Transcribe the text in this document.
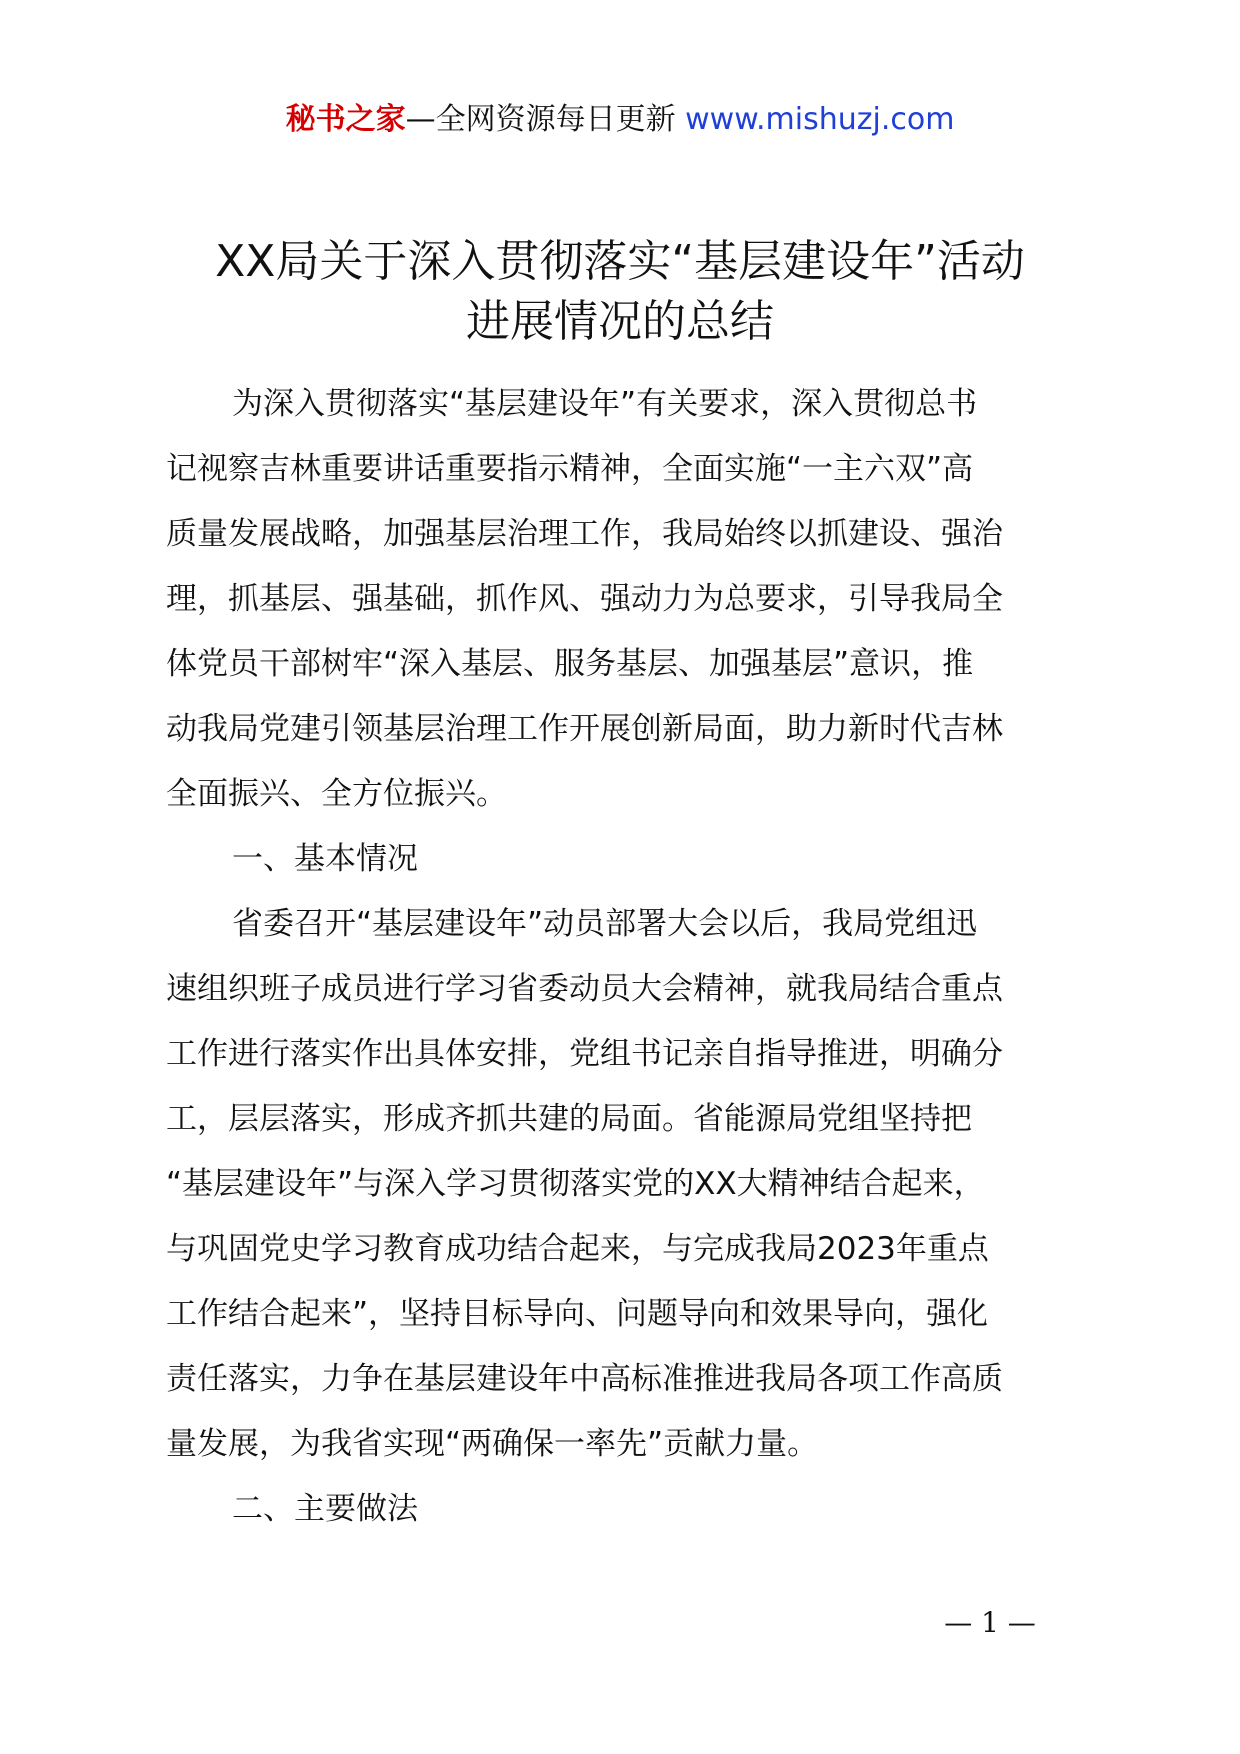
秘书之家—全网资源每日更新 www.mishuzj.com
XX局关于深入贯彻落实“基层建设年”活动
进展情况的总结
为深入贯彻落实“基层建设年”有关要求，深入贯彻总书
记视察吉林重要讲话重要指示精神，全面实施“一主六双”高
质量发展战略，加强基层治理工作，我局始终以抓建设、强治
理，抓基层、强基础，抓作风、强动力为总要求，引导我局全
体党员干部树牢“深入基层、服务基层、加强基层”意识，推
动我局党建引领基层治理工作开展创新局面，助力新时代吉林
全面振兴、全方位振兴。
一、基本情况
省委召开“基层建设年”动员部署大会以后，我局党组迅
速组织班子成员进行学习省委动员大会精神，就我局结合重点
工作进行落实作出具体安排，党组书记亲自指导推进，明确分
工，层层落实，形成齐抓共建的局面。省能源局党组坚持把
“基层建设年”与深入学习贯彻落实党的XX大精神结合起来，
与巩固党史学习教育成功结合起来，与完成我局2023年重点
工作结合起来”，坚持目标导向、问题导向和效果导向，强化
责任落实，力争在基层建设年中高标准推进我局各项工作高质
量发展，为我省实现“两确保一率先”贡献力量。
二、主要做法
— 1 —
